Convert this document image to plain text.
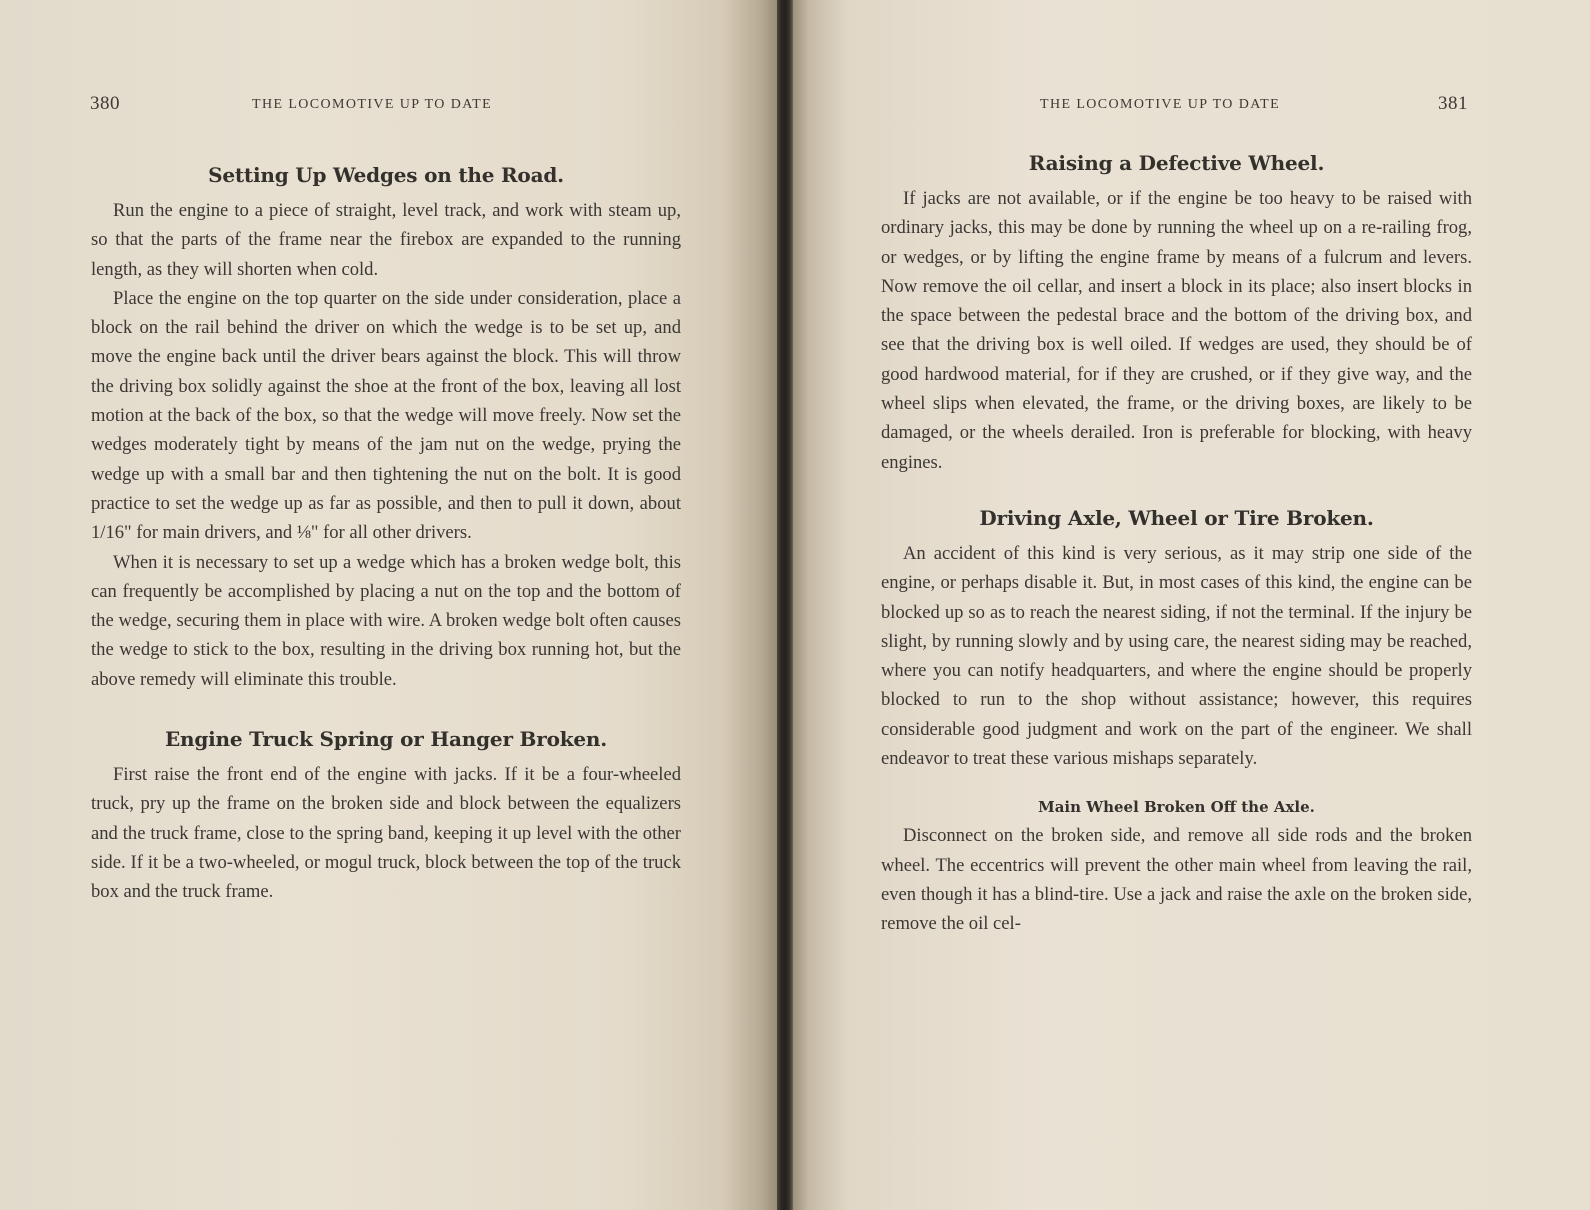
380	THE LOCOMOTIVE UP TO DATE
Setting Up Wedges on the Road.

Run the engine to a piece of straight, level track, and work with steam up, so that the parts of the frame near the firebox are expanded to the running length, as they will shorten when cold.

Place the engine on the top quarter on the side under consideration, place a block on the rail behind the driver on which the wedge is to be set up, and move the engine back until the driver bears against the block. This will throw the driving box solidly against the shoe at the front of the box, leaving all lost motion at the back of the box, so that the wedge will move freely. Now set the wedges moderately tight by means of the jam nut on the wedge, prying the wedge up with a small bar and then tightening the nut on the bolt. It is good practice to set the wedge up as far as possible, and then to pull it down, about 1/16" for main drivers, and ⅛" for all other drivers.

When it is necessary to set up a wedge which has a broken wedge bolt, this can frequently be accomplished by placing a nut on the top and the bottom of the wedge, securing them in place with wire. A broken wedge bolt often causes the wedge to stick to the box, resulting in the driving box running hot, but the above remedy will eliminate this trouble.

Engine Truck Spring or Hanger Broken.

First raise the front end of the engine with jacks. If it be a four-wheeled truck, pry up the frame on the broken side and block between the equalizers and the truck frame, close to the spring band, keeping it up level with the other side. If it be a two-wheeled, or mogul truck, block between the top of the truck box and the truck frame.

THE LOCOMOTIVE UP TO DATE	381
Raising a Defective Wheel.

If jacks are not available, or if the engine be too heavy to be raised with ordinary jacks, this may be done by running the wheel up on a re-railing frog, or wedges, or by lifting the engine frame by means of a fulcrum and levers. Now remove the oil cellar, and insert a block in its place; also insert blocks in the space between the pedestal brace and the bottom of the driving box, and see that the driving box is well oiled. If wedges are used, they should be of good hardwood material, for if they are crushed, or if they give way, and the wheel slips when elevated, the frame, or the driving boxes, are likely to be damaged, or the wheels derailed. Iron is preferable for blocking, with heavy engines.

Driving Axle, Wheel or Tire Broken.

An accident of this kind is very serious, as it may strip one side of the engine, or perhaps disable it. But, in most cases of this kind, the engine can be blocked up so as to reach the nearest siding, if not the terminal. If the injury be slight, by running slowly and by using care, the nearest siding may be reached, where you can notify headquarters, and where the engine should be properly blocked to run to the shop without assistance; however, this requires considerable good judgment and work on the part of the engineer. We shall endeavor to treat these various mishaps separately.

Main Wheel Broken Off the Axle.

Disconnect on the broken side, and remove all side rods and the broken wheel. The eccentrics will prevent the other main wheel from leaving the rail, even though it has a blind-tire. Use a jack and raise the axle on the broken side, remove the oil cel-
